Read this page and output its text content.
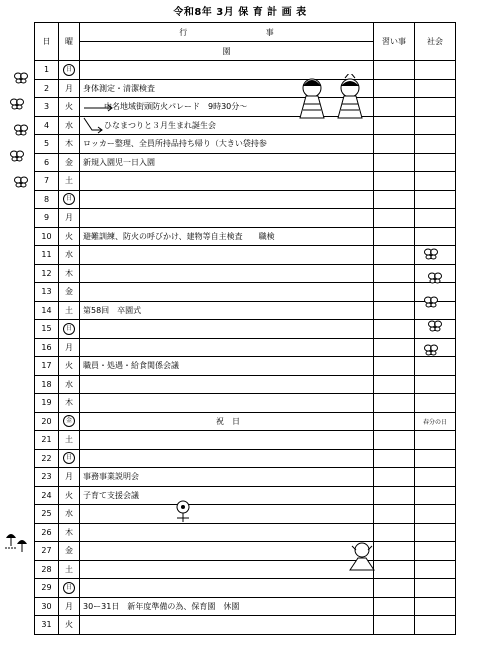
令和8年 3月 保 育 計 画 表
日	曜	行 事
園	習い事	社会
1	日			
2	月	身体測定・清潔検査		
3	火	中名地域街頭防火パレード　9時30分～		
4	水	ひなまつりと３月生まれ誕生会		
5	木	ロッカー整理、全員所持品持ち帰り（大きい袋持参		
6	金	新規入園児一日入園		
7	土			
8	日			
9	月			
10	火	避難訓練、防火の呼びかけ、建物等自主検査　　職検		
11	水			
12	木			
13	金			
14	土	第58回　卒園式		
15	日			
16	月			
17	火	職員・処遇・給食関係会議		
18	水			
19	木			
20	金	祝　日		春分の日
21	土			
22	日			
23	月	事務事業説明会		
24	火	子育て支援会議		
25	水			
26	木			
27	金			
28	土			
29	日			
30	月	30ー31日　新年度準備の為、保育園　休園		
31	火			
